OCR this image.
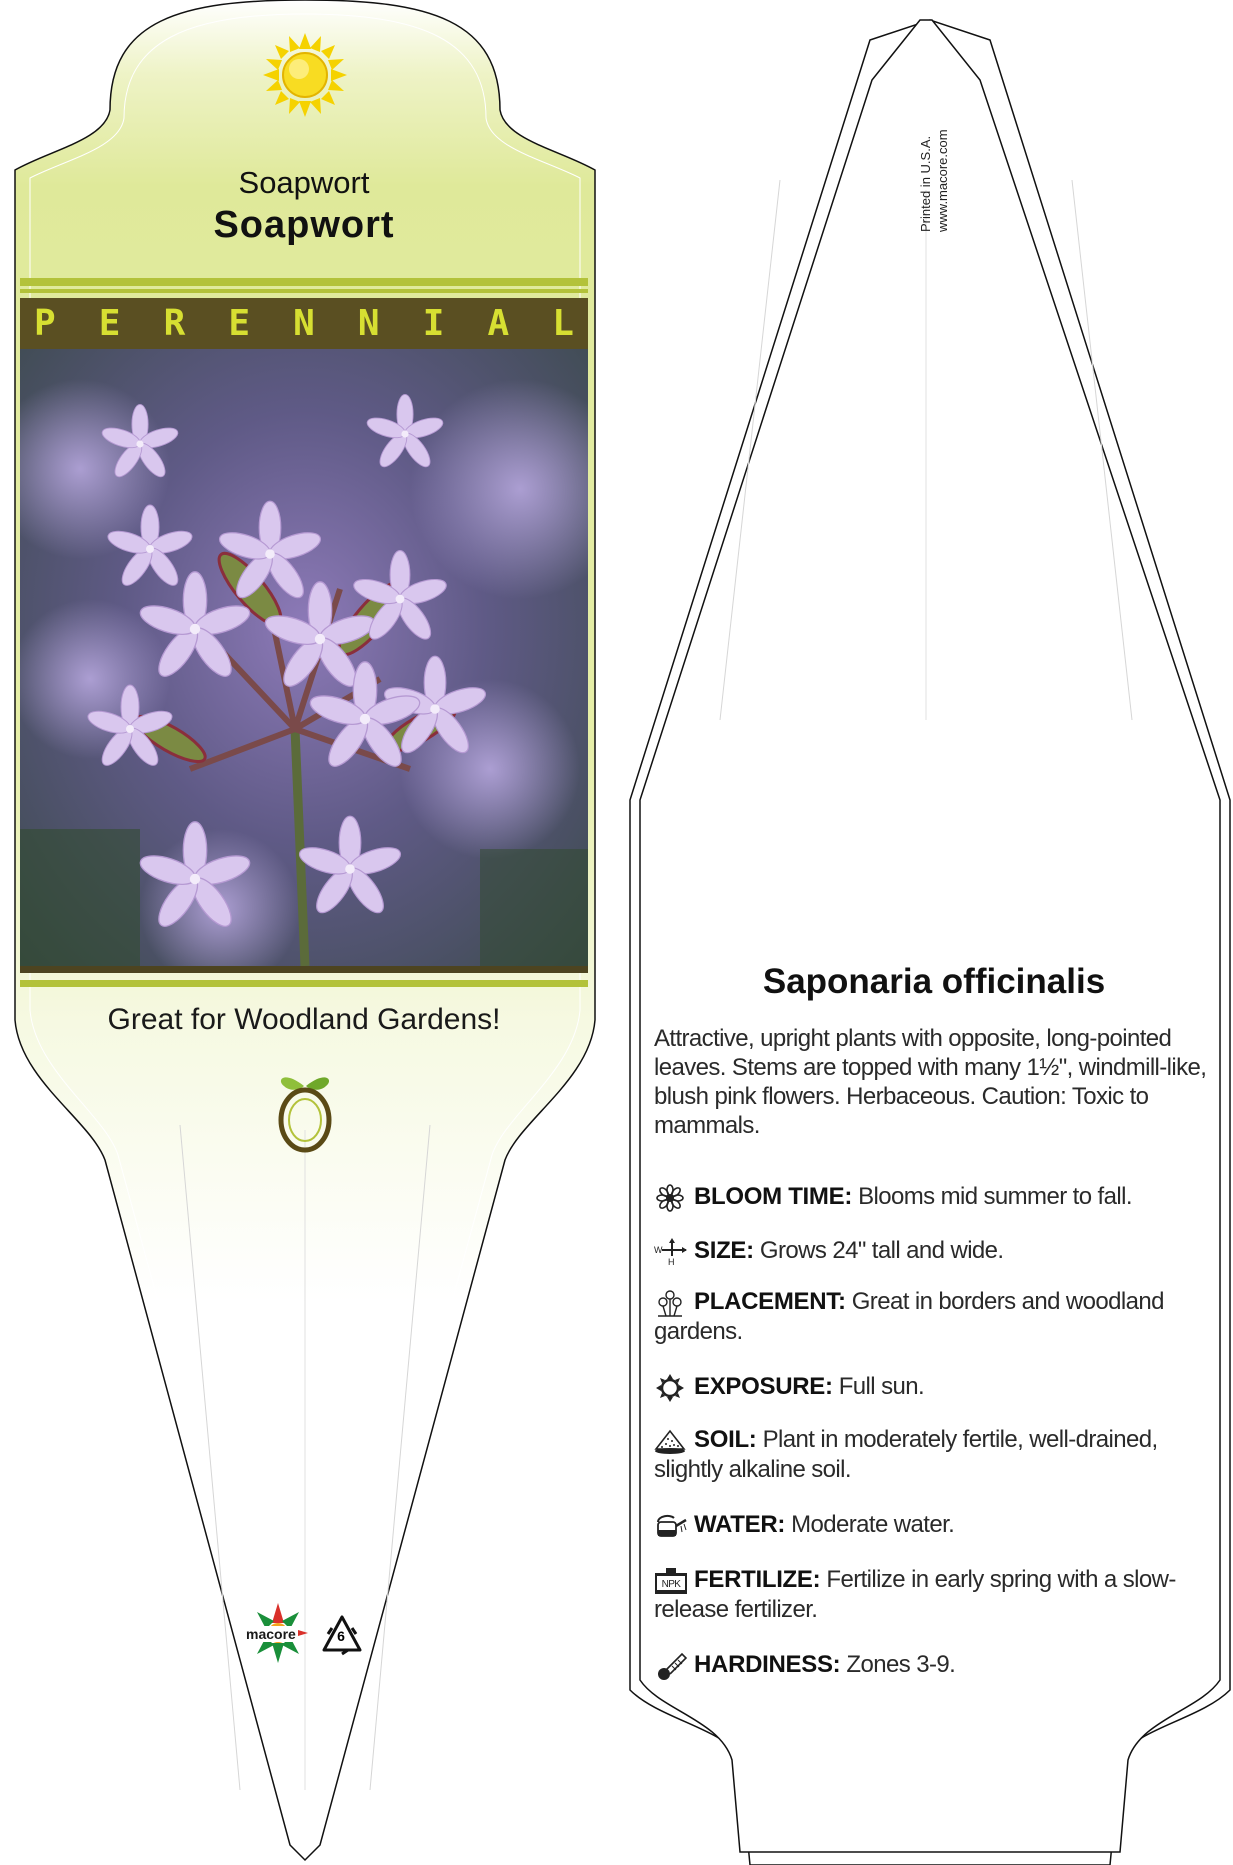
Soapwort
Soapwort
P E R E N N I A L
Great for Woodland Gardens!
macore	6
Printed in U.S.A. www.macore.com
Saponaria officinalis
Attractive, upright plants with opposite, long-pointed leaves. Stems are topped with many 1½", windmill-like, blush pink flowers. Herbaceous. Caution: Toxic to mammals.
BLOOM TIME: Blooms mid summer to fall.
W
H SIZE: Grows 24" tall and wide.
PLACEMENT: Great in borders and woodland gardens.
EXPOSURE: Full sun.
SOIL: Plant in moderately fertile, well-drained, slightly alkaline soil.
WATER: Moderate water.
NPK FERTILIZE: Fertilize in early spring with a slow-release fertilizer.
HARDINESS: Zones 3-9.
